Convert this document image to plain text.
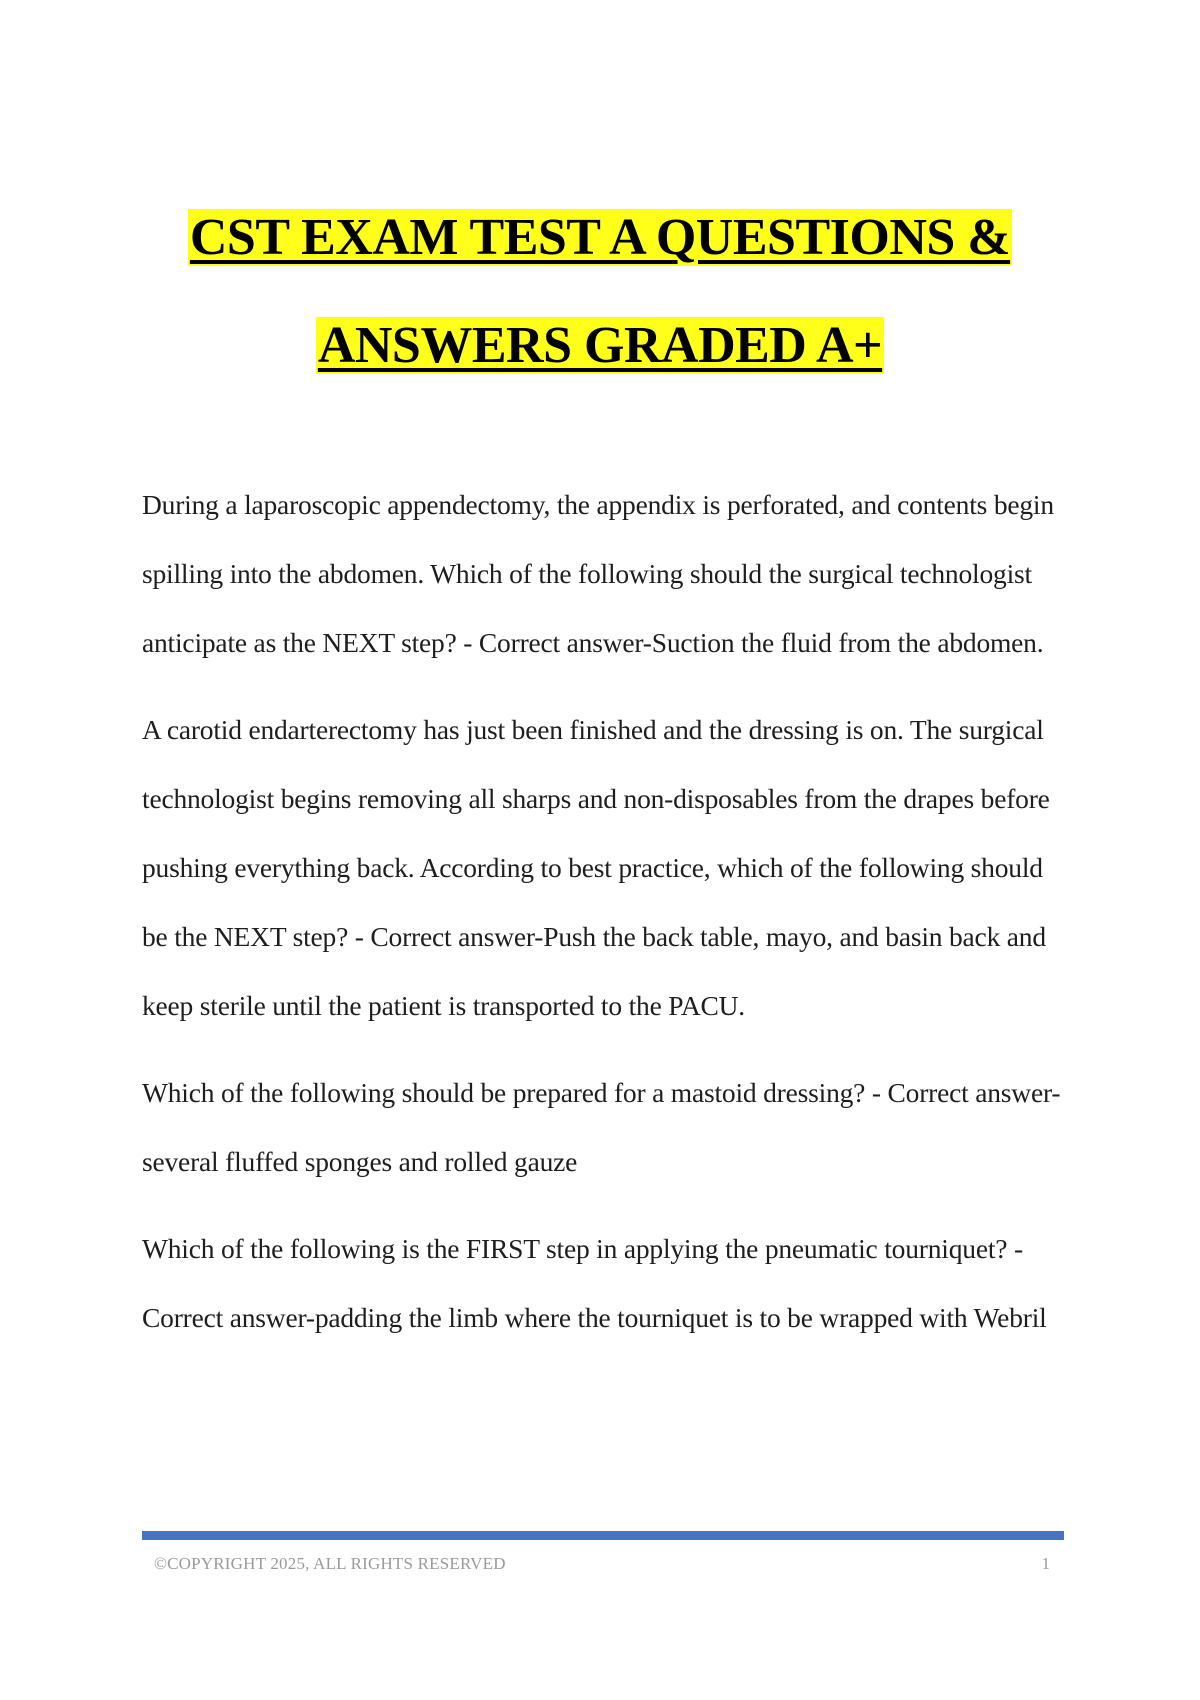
CST EXAM TEST A QUESTIONS &
ANSWERS GRADED A+

During a laparoscopic appendectomy, the appendix is perforated, and contents begin spilling into the abdomen. Which of the following should the surgical technologist anticipate as the NEXT step? - Correct answer-Suction the fluid from the abdomen.

A carotid endarterectomy has just been finished and the dressing is on. The surgical technologist begins removing all sharps and non-disposables from the drapes before pushing everything back. According to best practice, which of the following should be the NEXT step? - Correct answer-Push the back table, mayo, and basin back and keep sterile until the patient is transported to the PACU.

Which of the following should be prepared for a mastoid dressing? - Correct answer-several fluffed sponges and rolled gauze

Which of the following is the FIRST step in applying the pneumatic tourniquet? - Correct answer-padding the limb where the tourniquet is to be wrapped with Webril

©COPYRIGHT 2025, ALL RIGHTS RESERVED	1
